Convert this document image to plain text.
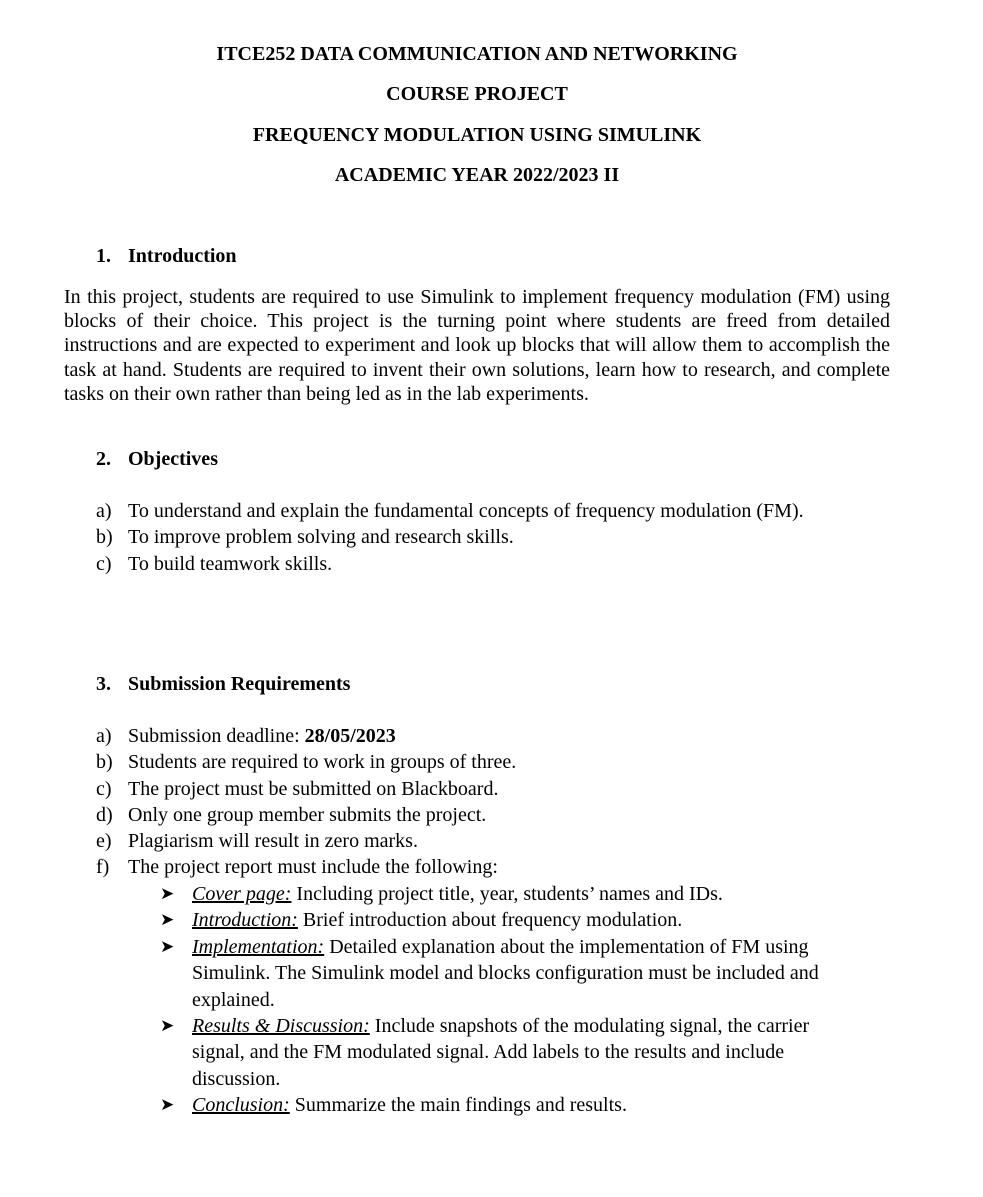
ITCE252 DATA COMMUNICATION AND NETWORKING
COURSE PROJECT
FREQUENCY MODULATION USING SIMULINK
ACADEMIC YEAR 2022/2023 II
1. Introduction
In this project, students are required to use Simulink to implement frequency modulation (FM) using blocks of their choice. This project is the turning point where students are freed from detailed instructions and are expected to experiment and look up blocks that will allow them to accomplish the task at hand. Students are required to invent their own solutions, learn how to research, and complete tasks on their own rather than being led as in the lab experiments.
2. Objectives
a) To understand and explain the fundamental concepts of frequency modulation (FM).
b) To improve problem solving and research skills.
c) To build teamwork skills.
3. Submission Requirements
a) Submission deadline: 28/05/2023
b) Students are required to work in groups of three.
c) The project must be submitted on Blackboard.
d) Only one group member submits the project.
e) Plagiarism will result in zero marks.
f) The project report must include the following:
➤ Cover page: Including project title, year, students’ names and IDs.
➤ Introduction: Brief introduction about frequency modulation.
➤ Implementation: Detailed explanation about the implementation of FM using Simulink. The Simulink model and blocks configuration must be included and explained.
➤ Results & Discussion: Include snapshots of the modulating signal, the carrier signal, and the FM modulated signal. Add labels to the results and include discussion.
➤ Conclusion: Summarize the main findings and results.
